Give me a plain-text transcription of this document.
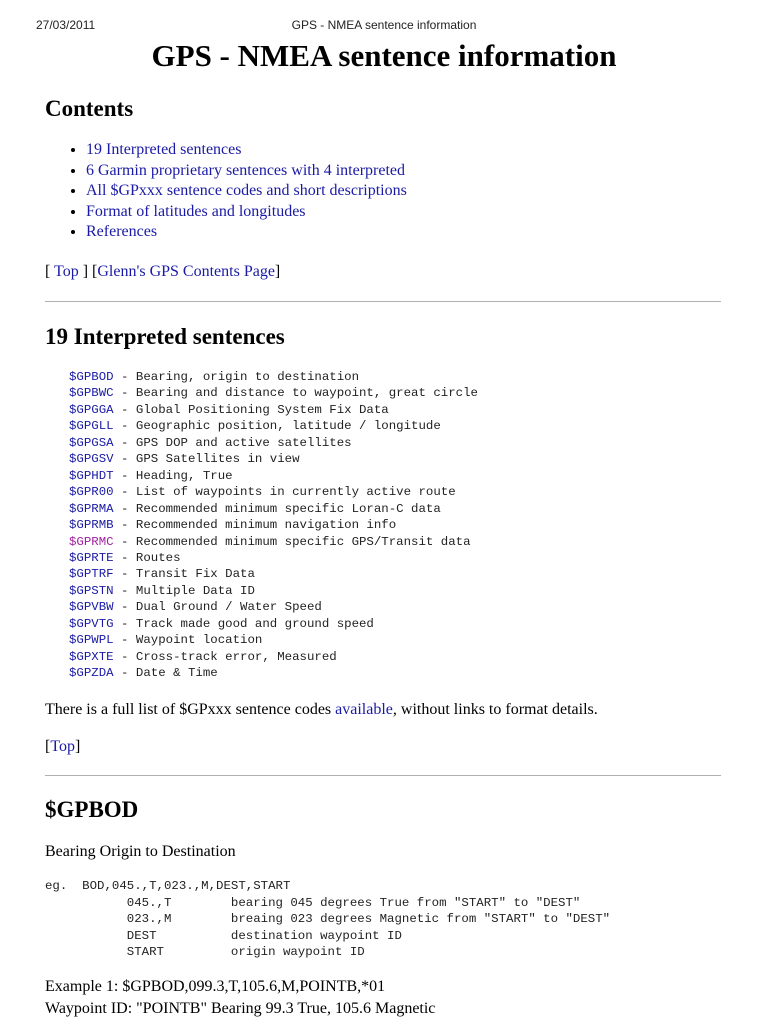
27/03/2011	GPS - NMEA sentence information
GPS - NMEA sentence information
Contents
• 19 Interpreted sentences
• 6 Garmin proprietary sentences with 4 interpreted
• All $GPxxx sentence codes and short descriptions
• Format of latitudes and longitudes
• References
[ Top ] [Glenn's GPS Contents Page]
19 Interpreted sentences
$GPBOD - Bearing, origin to destination
$GPBWC - Bearing and distance to waypoint, great circle
$GPGGA - Global Positioning System Fix Data
$GPGLL - Geographic position, latitude / longitude
$GPGSA - GPS DOP and active satellites
$GPGSV - GPS Satellites in view
$GPHDT - Heading, True
$GPR00 - List of waypoints in currently active route
$GPRMA - Recommended minimum specific Loran-C data
$GPRMB - Recommended minimum navigation info
$GPRMC - Recommended minimum specific GPS/Transit data
$GPRTE - Routes
$GPTRF - Transit Fix Data
$GPSTN - Multiple Data ID
$GPVBW - Dual Ground / Water Speed
$GPVTG - Track made good and ground speed
$GPWPL - Waypoint location
$GPXTE - Cross-track error, Measured
$GPZDA - Date & Time
There is a full list of $GPxxx sentence codes available, without links to format details.
[Top]
$GPBOD
Bearing Origin to Destination
eg.  BOD,045.,T,023.,M,DEST,START
045.,T        bearing 045 degrees True from "START" to "DEST"
023.,M        breaing 023 degrees Magnetic from "START" to "DEST"
DEST          destination waypoint ID
START         origin waypoint ID
Example 1: $GPBOD,099.3,T,105.6,M,POINTB,*01
Waypoint ID: "POINTB" Bearing 99.3 True, 105.6 Magnetic
